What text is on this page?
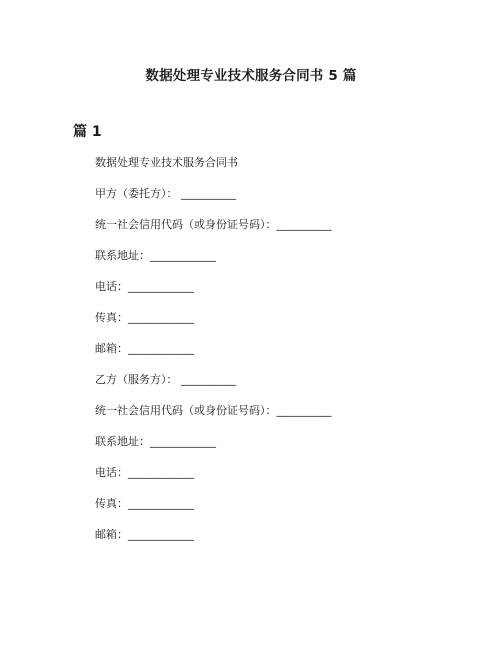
数据处理专业技术服务合同书 5 篇
篇 1
数据处理专业技术服务合同书
甲方（委托方）： __________
统一社会信用代码（或身份证号码）：__________
联系地址：____________
电话：____________
传真：____________
邮箱：____________
乙方（服务方）： __________
统一社会信用代码（或身份证号码）：__________
联系地址：____________
电话：____________
传真：____________
邮箱：____________
